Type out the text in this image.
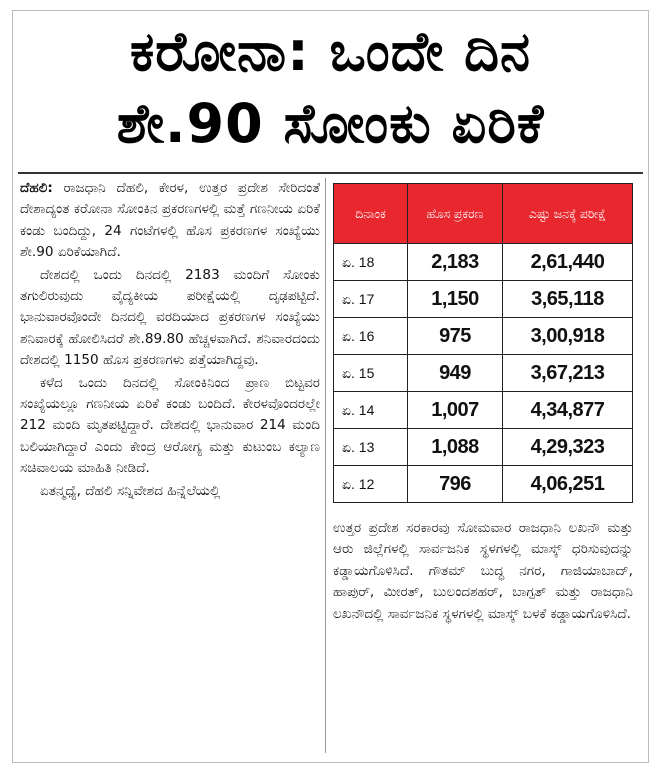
ಕರೋನಾ: ಒಂದೇ ದಿನ
ಶೇ.90 ಸೋಂಕು ಏರಿಕೆ

ದೆಹಲಿ: ರಾಜಧಾನಿ ದೆಹಲಿ, ಕೇರಳ, ಉತ್ತರ ಪ್ರದೇಶ ಸೇರಿದಂತೆ ದೇಶಾದ್ಯಂತ ಕರೋನಾ ಸೋಂಕಿನ ಪ್ರಕರಣಗಳಲ್ಲಿ ಮತ್ತೆ ಗಣನೀಯ ಏರಿಕೆ ಕಂಡು ಬಂದಿದ್ದು, 24 ಗಂಟೆಗಳಲ್ಲಿ ಹೊಸ ಪ್ರಕರಣಗಳ ಸಂಖ್ಯೆಯು ಶೇ.90 ಏರಿಕೆಯಾಗಿದೆ.

ದೇಶದಲ್ಲಿ ಒಂದು ದಿನದಲ್ಲಿ 2183 ಮಂದಿಗೆ ಸೋಂಕು ತಗುಲಿರುವುದು ವೈದ್ಯಕೀಯ ಪರೀಕ್ಷೆಯಲ್ಲಿ ದೃಢಪಟ್ಟಿದೆ. ಭಾನುವಾರವೊಂದೇ ದಿನದಲ್ಲಿ ವರದಿಯಾದ ಪ್ರಕರಣಗಳ ಸಂಖ್ಯೆಯು ಶನಿವಾರಕ್ಕೆ ಹೋಲಿಸಿದರೆ ಶೇ.89.80 ಹೆಚ್ಚಳವಾಗಿದೆ. ಶನಿವಾರದಂದು ದೇಶದಲ್ಲಿ 1150 ಹೊಸ ಪ್ರಕರಣಗಳು ಪತ್ತೆಯಾಗಿದ್ದವು.

ಕಳೆದ ಒಂದು ದಿನದಲ್ಲಿ ಸೋಂಕಿನಿಂದ ಪ್ರಾಣ ಬಿಟ್ಟವರ ಸಂಖ್ಯೆಯಲ್ಲೂ ಗಣನೀಯ ಏರಿಕೆ ಕಂಡು ಬಂದಿದೆ. ಕೇರಳವೊಂದರಲ್ಲೇ 212 ಮಂದಿ ಮೃತಪಟ್ಟಿದ್ದಾರೆ. ದೇಶದಲ್ಲಿ ಭಾನುವಾರ 214 ಮಂದಿ ಬಲಿಯಾಗಿದ್ದಾರೆ ಎಂದು ಕೇಂದ್ರ ಆರೋಗ್ಯ ಮತ್ತು ಕುಟುಂಬ ಕಲ್ಯಾಣ ಸಚಿವಾಲಯ ಮಾಹಿತಿ ನೀಡಿದೆ.

ಏತನ್ಮಧ್ಯೆ, ದೆಹಲಿ ಸನ್ನಿವೇಶದ ಹಿನ್ನೆಲೆಯಲ್ಲಿ

ದಿನಾಂಕ	ಹೊಸ ಪ್ರಕರಣ	ಎಷ್ಟು ಜನಕ್ಕೆ ಪರೀಕ್ಷೆ
ಏ. 18	2,183	2,61,440
ಏ. 17	1,150	3,65,118
ಏ. 16	975	3,00,918
ಏ. 15	949	3,67,213
ಏ. 14	1,007	4,34,877
ಏ. 13	1,088	4,29,323
ಏ. 12	796	4,06,251

ಉತ್ತರ ಪ್ರದೇಶ ಸರಕಾರವು ಸೋಮವಾರ ರಾಜಧಾನಿ ಲಖನೌ ಮತ್ತು ಆರು ಜಿಲ್ಲೆಗಳಲ್ಲಿ ಸಾರ್ವಜನಿಕ ಸ್ಥಳಗಳಲ್ಲಿ ಮಾಸ್ಕ್ ಧರಿಸುವುದನ್ನು ಕಡ್ಡಾಯಗೊಳಿಸಿದೆ. ಗೌತಮ್ ಬುದ್ಧ ನಗರ, ಗಾಜಿಯಾಬಾದ್, ಹಾಪುರ್, ಮೀರತ್, ಬುಲಂದಶಹರ್, ಬಾಗ್ಪತ್ ಮತ್ತು ರಾಜಧಾನಿ ಲಖನೌದಲ್ಲಿ ಸಾರ್ವಜನಿಕ ಸ್ಥಳಗಳಲ್ಲಿ ಮಾಸ್ಕ್ ಬಳಕೆ ಕಡ್ಡಾಯಗೊಳಿಸಿದೆ.
